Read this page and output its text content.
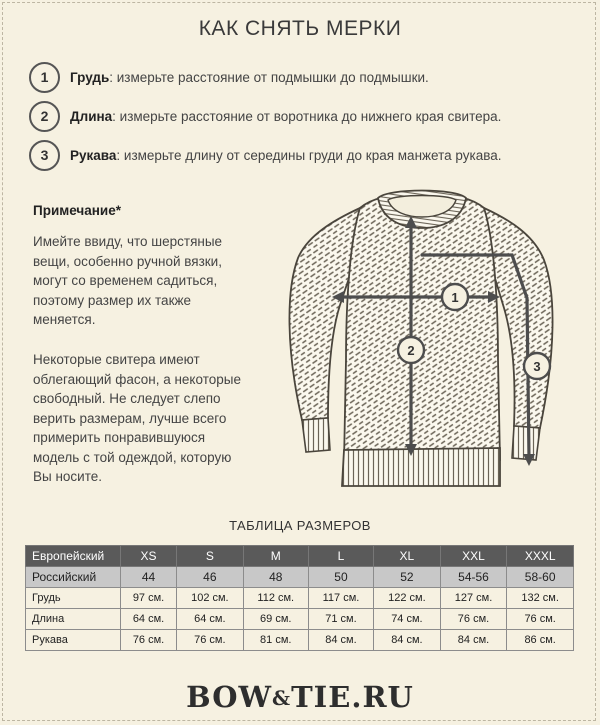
КАК СНЯТЬ МЕРКИ
1	Грудь: измерьте расстояние от подмышки до подмышки.
2	Длина: измерьте расстояние от воротника до нижнего края свитера.
3	Рукава: измерьте длину от середины груди до края манжета рукава.
Примечание*
Имейте ввиду, что шерстяные
вещи, особенно ручной вязки,
могут со временем садиться,
поэтому размер их также
меняется.
Некоторые свитера имеют
облегающий фасон, а некоторые
свободный. Не следует слепо
верить размерам, лучше всего
примерить понравившуюся
модель с той одеждой, которую
Вы носите.
1
2
3
ТАБЛИЦА РАЗМЕРОВ
Европейский	XS	S	M	L	XL	XXL	XXXL
Российский	44	46	48	50	52	54-56	58-60
Грудь	97 см.	102 см.	112 см.	117 см.	122 см.	127 см.	132 см.
Длина	64 см.	64 см.	69 см.	71 см.	74 см.	76 см.	76 см.
Рукава	76 см.	76 см.	81 см.	84 см.	84 см.	84 см.	86 см.
BOW&TIE.RU
